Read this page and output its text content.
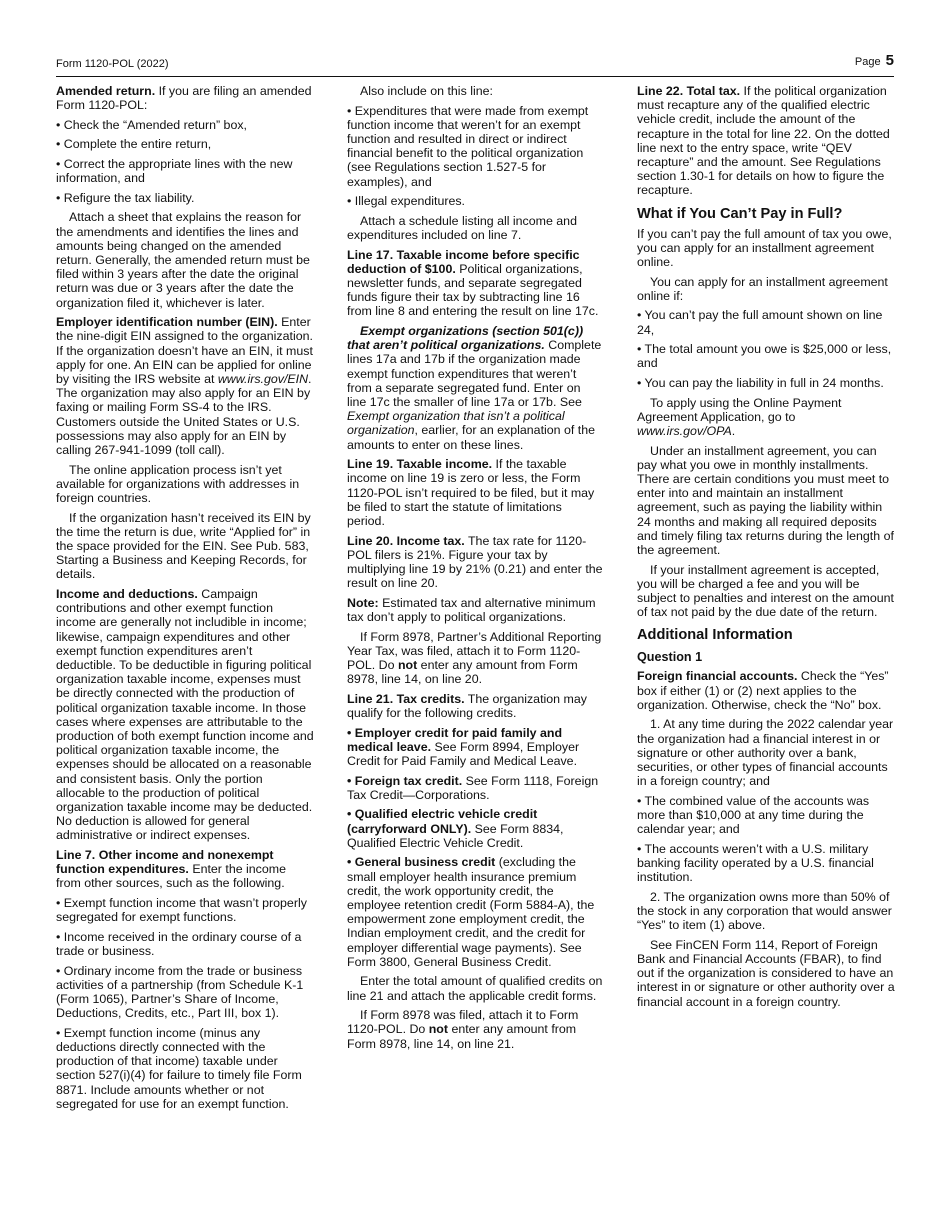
Form 1120-POL (2022)	Page 5

Amended return. If you are filing an amended Form 1120-POL:

• Check the “Amended return” box,

• Complete the entire return,

• Correct the appropriate lines with the new information, and

• Refigure the tax liability.

Attach a sheet that explains the reason for the amendments and identifies the lines and amounts being changed on the amended return. Generally, the amended return must be filed within 3 years after the date the original return was due or 3 years after the date the organization filed it, whichever is later.

Employer identification number (EIN). Enter the nine-digit EIN assigned to the organization. If the organization doesn’t have an EIN, it must apply for one. An EIN can be applied for online by visiting the IRS website at www.irs.gov/EIN. The organization may also apply for an EIN by faxing or mailing Form SS-4 to the IRS. Customers outside the United States or U.S. possessions may also apply for an EIN by calling 267-941-1099 (toll call).

The online application process isn’t yet available for organizations with addresses in foreign countries.

If the organization hasn’t received its EIN by the time the return is due, write “Applied for” in the space provided for the EIN. See Pub. 583, Starting a Business and Keeping Records, for details.

Income and deductions. Campaign contributions and other exempt function income are generally not includible in income; likewise, campaign expenditures and other exempt function expenditures aren’t deductible. To be deductible in figuring political organization taxable income, expenses must be directly connected with the production of political organization taxable income. In those cases where expenses are attributable to the production of both exempt function income and political organization taxable income, the expenses should be allocated on a reasonable and consistent basis. Only the portion allocable to the production of political organization taxable income may be deducted. No deduction is allowed for general administrative or indirect expenses.

Line 7. Other income and nonexempt function expenditures. Enter the income from other sources, such as the following.

• Exempt function income that wasn’t properly segregated for exempt functions.

• Income received in the ordinary course of a trade or business.

• Ordinary income from the trade or business activities of a partnership (from Schedule K-1 (Form 1065), Partner’s Share of Income, Deductions, Credits, etc., Part III, box 1).

• Exempt function income (minus any deductions directly connected with the production of that income) taxable under section 527(i)(4) for failure to timely file Form 8871. Include amounts whether or not segregated for use for an exempt function.

Also include on this line:

• Expenditures that were made from exempt function income that weren’t for an exempt function and resulted in direct or indirect financial benefit to the political organization (see Regulations section 1.527-5 for examples), and

• Illegal expenditures.

Attach a schedule listing all income and expenditures included on line 7.

Line 17. Taxable income before specific deduction of $100. Political organizations, newsletter funds, and separate segregated funds figure their tax by subtracting line 16 from line 8 and entering the result on line 17c.

Exempt organizations (section 501(c)) that aren’t political organizations. Complete lines 17a and 17b if the organization made exempt function expenditures that weren’t from a separate segregated fund. Enter on line 17c the smaller of line 17a or 17b. See Exempt organization that isn’t a political organization, earlier, for an explanation of the amounts to enter on these lines.

Line 19. Taxable income. If the taxable income on line 19 is zero or less, the Form 1120-POL isn’t required to be filed, but it may be filed to start the statute of limitations period.

Line 20. Income tax. The tax rate for 1120-POL filers is 21%. Figure your tax by multiplying line 19 by 21% (0.21) and enter the result on line 20.

Note: Estimated tax and alternative minimum tax don’t apply to political organizations.

If Form 8978, Partner’s Additional Reporting Year Tax, was filed, attach it to Form 1120-POL. Do not enter any amount from Form 8978, line 14, on line 20.

Line 21. Tax credits. The organization may qualify for the following credits.

• Employer credit for paid family and medical leave. See Form 8994, Employer Credit for Paid Family and Medical Leave.

• Foreign tax credit. See Form 1118, Foreign Tax Credit—Corporations.

• Qualified electric vehicle credit (carryforward ONLY). See Form 8834, Qualified Electric Vehicle Credit.

• General business credit (excluding the small employer health insurance premium credit, the work opportunity credit, the employee retention credit (Form 5884-A), the empowerment zone employment credit, the Indian employment credit, and the credit for employer differential wage payments). See Form 3800, General Business Credit.

Enter the total amount of qualified credits on line 21 and attach the applicable credit forms.

If Form 8978 was filed, attach it to Form 1120-POL. Do not enter any amount from Form 8978, line 14, on line 21.

Line 22. Total tax. If the political organization must recapture any of the qualified electric vehicle credit, include the amount of the recapture in the total for line 22. On the dotted line next to the entry space, write “QEV recapture” and the amount. See Regulations section 1.30-1 for details on how to figure the recapture.

What if You Can’t Pay in Full?

If you can’t pay the full amount of tax you owe, you can apply for an installment agreement online.

You can apply for an installment agreement online if:

• You can’t pay the full amount shown on line 24,

• The total amount you owe is $25,000 or less, and

• You can pay the liability in full in 24 months.

To apply using the Online Payment Agreement Application, go to www.irs.gov/OPA.

Under an installment agreement, you can pay what you owe in monthly installments. There are certain conditions you must meet to enter into and maintain an installment agreement, such as paying the liability within 24 months and making all required deposits and timely filing tax returns during the length of the agreement.

If your installment agreement is accepted, you will be charged a fee and you will be subject to penalties and interest on the amount of tax not paid by the due date of the return.

Additional Information
Question 1

Foreign financial accounts. Check the “Yes” box if either (1) or (2) next applies to the organization. Otherwise, check the “No” box.

1. At any time during the 2022 calendar year the organization had a financial interest in or signature or other authority over a bank, securities, or other types of financial accounts in a foreign country; and

• The combined value of the accounts was more than $10,000 at any time during the calendar year; and

• The accounts weren’t with a U.S. military banking facility operated by a U.S. financial institution.

2. The organization owns more than 50% of the stock in any corporation that would answer “Yes” to item (1) above.

See FinCEN Form 114, Report of Foreign Bank and Financial Accounts (FBAR), to find out if the organization is considered to have an interest in or signature or other authority over a financial account in a foreign country.
